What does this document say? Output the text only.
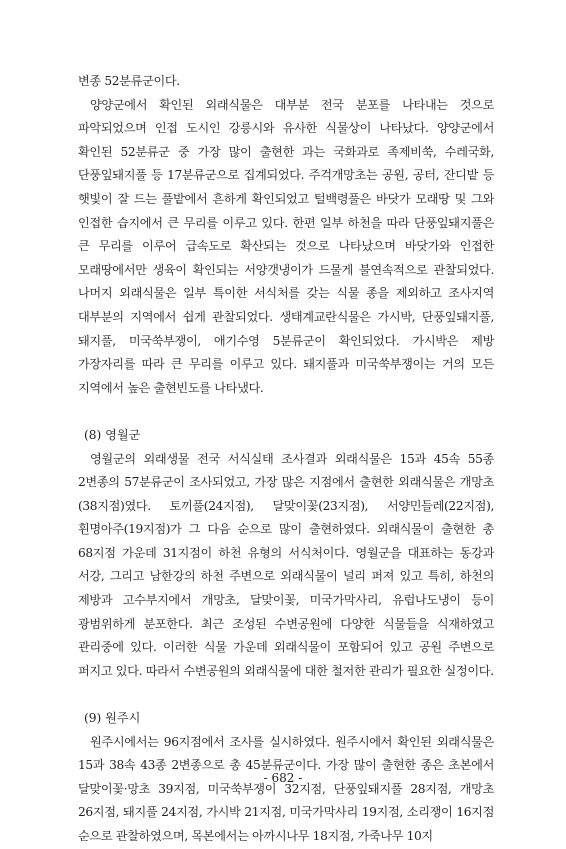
변종 52분류군이다.

양양군에서 확인된 외래식물은 대부분 전국 분포를 나타내는 것으로 파악되었으며 인접 도시인 강릉시와 유사한 식물상이 나타났다. 양양군에서 확인된 52분류군 중 가장 많이 출현한 과는 국화과로 족제비쑥, 수레국화, 단풍잎돼지풀 등 17분류군으로 집계되었다. 주걱개망초는 공원, 공터, 잔디밭 등 햇빛이 잘 드는 풀밭에서 흔하게 확인되었고 털백령풀은 바닷가 모래땅 및 그와 인접한 습지에서 큰 무리를 이루고 있다. 한편 일부 하천을 따라 단풍잎돼지풀은 큰 무리를 이루어 급속도로 확산되는 것으로 나타났으며 바닷가와 인접한 모래땅에서만 생육이 확인되는 서양갯냉이가 드물게 불연속적으로 관찰되었다. 나머지 외래식물은 일부 특이한 서식처를 갖는 식물 종을 제외하고 조사지역 대부분의 지역에서 쉽게 관찰되었다. 생태계교란식물은 가시박, 단풍잎돼지풀, 돼지풀, 미국쑥부쟁이, 애기수영 5분류군이 확인되었다. 가시박은 제방 가장자리를 따라 큰 무리를 이루고 있다. 돼지풀과 미국쑥부쟁이는 거의 모든 지역에서 높은 출현빈도를 나타냈다.

(8) 영월군

영월군의 외래생물 전국 서식실태 조사결과 외래식물은 15과 45속 55종 2변종의 57분류군이 조사되었고, 가장 많은 지점에서 출현한 외래식물은 개망초(38지점)였다. 토끼풀(24지점), 달맞이꽃(23지점), 서양민들레(22지점), 휜명아주(19지점)가 그 다음 순으로 많이 출현하였다. 외래식물이 출현한 총 68지점 가운데 31지점이 하천 유형의 서식처이다. 영월군을 대표하는 동강과 서강, 그리고 남한강의 하천 주변으로 외래식물이 널리 퍼져 있고 특히, 하천의 제방과 고수부지에서 개망초, 달맞이꽃, 미국가막사리, 유럽나도냉이 등이 광범위하게 분포한다. 최근 조성된 수변공원에 다양한 식물들을 식재하였고 관리중에 있다. 이러한 식물 가운데 외래식물이 포함되어 있고 공원 주변으로 퍼지고 있다. 따라서 수변공원의 외래식물에 대한 철저한 관리가 필요한 실정이다.

(9) 원주시

원주시에서는 96지점에서 조사를 실시하였다. 원주시에서 확인된 외래식물은 15과 38속 43종 2변종으로 총 45분류군이다. 가장 많이 출현한 종은 초본에서 달맞이꽃·망초 39지점, 미국쑥부쟁이 32지점, 단풍잎돼지풀 28지점, 개망초 26지점, 돼지풀 24지점, 가시박 21지점, 미국가막사리 19지점, 소리쟁이 16지점 순으로 관찰하였으며, 목본에서는 아까시나무 18지점, 가죽나무 10지

- 682 -
